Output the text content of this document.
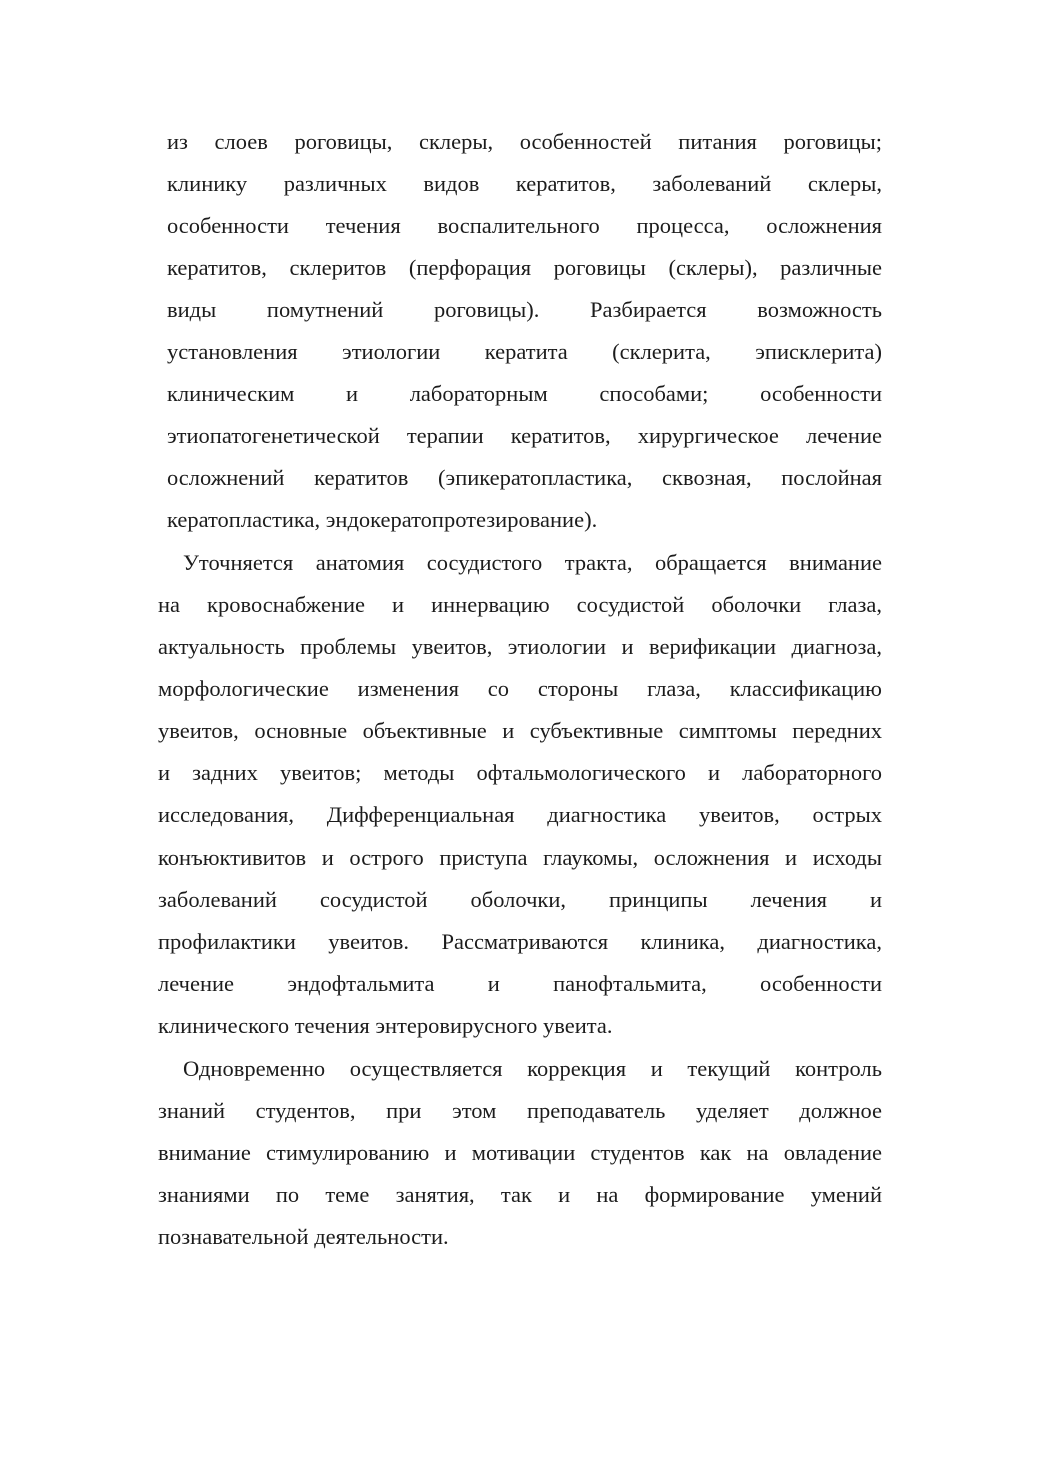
из слоев роговицы, склеры, особенностей питания роговицы;
клинику различных видов кератитов, заболеваний склеры,
особенности течения воспалительного процесса, осложнения
кератитов, склеритов (перфорация роговицы (склеры), различные
виды помутнений роговицы). Разбирается возможность
установления этиологии кератита (склерита, эписклерита)
клиническим и лабораторным способами; особенности
этиопатогенетической терапии кератитов, хирургическое лечение
осложнений кератитов (эпикератопластика, сквозная, послойная
кератопластика, эндокератопротезирование).
Уточняется анатомия сосудистого тракта, обращается внимание
на кровоснабжение и иннервацию сосудистой оболочки глаза,
актуальность проблемы увеитов, этиологии и верификации диагноза,
морфологические изменения со стороны глаза, классификацию
увеитов, основные объективные и субъективные симптомы передних
и задних увеитов; методы офтальмологического и лабораторного
исследования, Дифференциальная диагностика увеитов, острых
конъюктивитов и острого приступа глаукомы, осложнения и исходы
заболеваний сосудистой оболочки, принципы лечения и
профилактики увеитов. Рассматриваются клиника, диагностика,
лечение эндофтальмита и панофтальмита, особенности
клинического течения энтеровирусного увеита.
Одновременно осуществляется коррекция и текущий контроль
знаний студентов, при этом преподаватель уделяет должное
внимание стимулированию и мотивации студентов как на овладение
знаниями по теме занятия, так и на формирование умений
познавательной деятельности.
